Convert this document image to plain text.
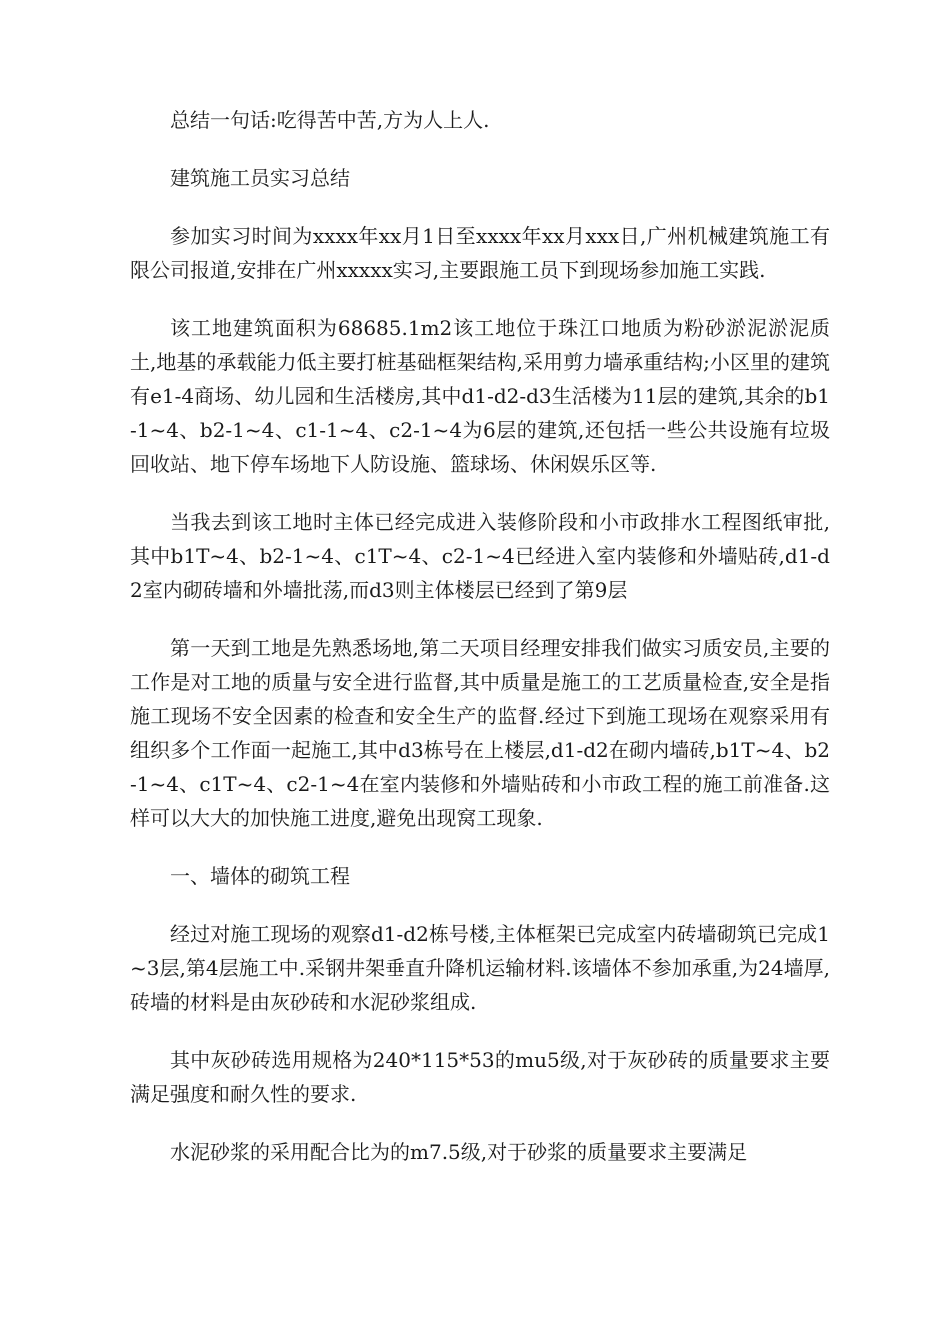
总结一句话:吃得苦中苦,方为人上人.

建筑施工员实习总结

参加实习时间为xxxx年xx月1日至xxxx年xx月xxx日,广州机械建筑施工有限公司报道,安排在广州xxxxx实习,主要跟施工员下到现场参加施工实践.

该工地建筑面积为68685.1m2该工地位于珠江口地质为粉砂淤泥淤泥质土,地基的承载能力低主要打桩基础框架结构,采用剪力墙承重结构;小区里的建筑有e1-4商场、幼儿园和生活楼房,其中d1-d2-d3生活楼为11层的建筑,其余的b1-1~4、b2-1~4、c1-1~4、c2-1~4为6层的建筑,还包括一些公共设施有垃圾回收站、地下停车场地下人防设施、篮球场、休闲娱乐区等.

当我去到该工地时主体已经完成进入装修阶段和小市政排水工程图纸审批,其中b1T~4、b2-1~4、c1T~4、c2-1~4已经进入室内装修和外墙贴砖,d1-d2室内砌砖墙和外墙批荡,而d3则主体楼层已经到了第9层

第一天到工地是先熟悉场地,第二天项目经理安排我们做实习质安员,主要的工作是对工地的质量与安全进行监督,其中质量是施工的工艺质量检查,安全是指施工现场不安全因素的检查和安全生产的监督.经过下到施工现场在观察采用有组织多个工作面一起施工,其中d3栋号在上楼层,d1-d2在砌内墙砖,b1T~4、b2-1~4、c1T~4、c2-1~4在室内装修和外墙贴砖和小市政工程的施工前准备.这样可以大大的加快施工进度,避免出现窝工现象.

一、墙体的砌筑工程

经过对施工现场的观察d1-d2栋号楼,主体框架已完成室内砖墙砌筑已完成1~3层,第4层施工中.采钢井架垂直升降机运输材料.该墙体不参加承重,为24墙厚,砖墙的材料是由灰砂砖和水泥砂浆组成.

其中灰砂砖选用规格为240*115*53的mu5级,对于灰砂砖的质量要求主要满足强度和耐久性的要求.

水泥砂浆的采用配合比为的m7.5级,对于砂浆的质量要求主要满足
